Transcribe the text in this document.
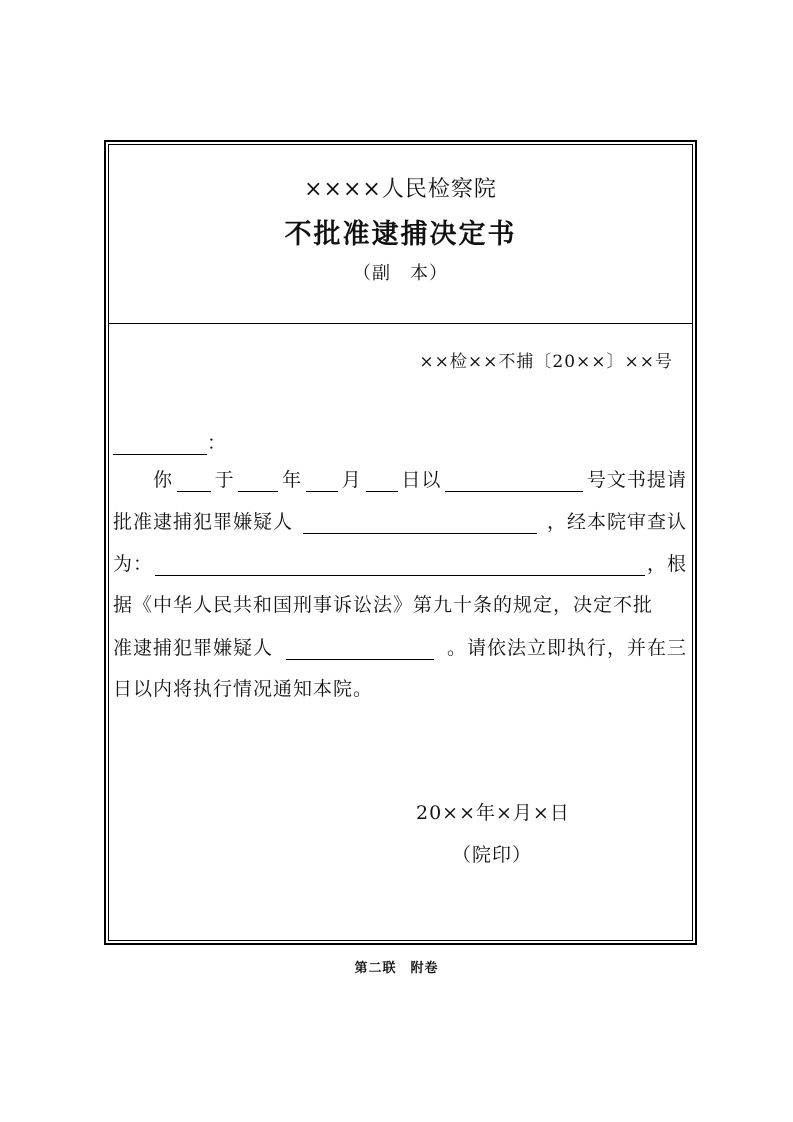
××××人民检察院
不批准逮捕决定书
（副　本）
××检××不捕〔20××〕××号
：
你 于	年 月 日以	号文书提请
批准逮捕犯罪嫌疑人	，经本院审查认
为：	，根
据《中华人民共和国刑事诉讼法》第九十条的规定，决定不批
准逮捕犯罪嫌疑人	。请依法立即执行，并在三
日以内将执行情况通知本院。
20××年×月×日
（院印）
第二联　附卷
